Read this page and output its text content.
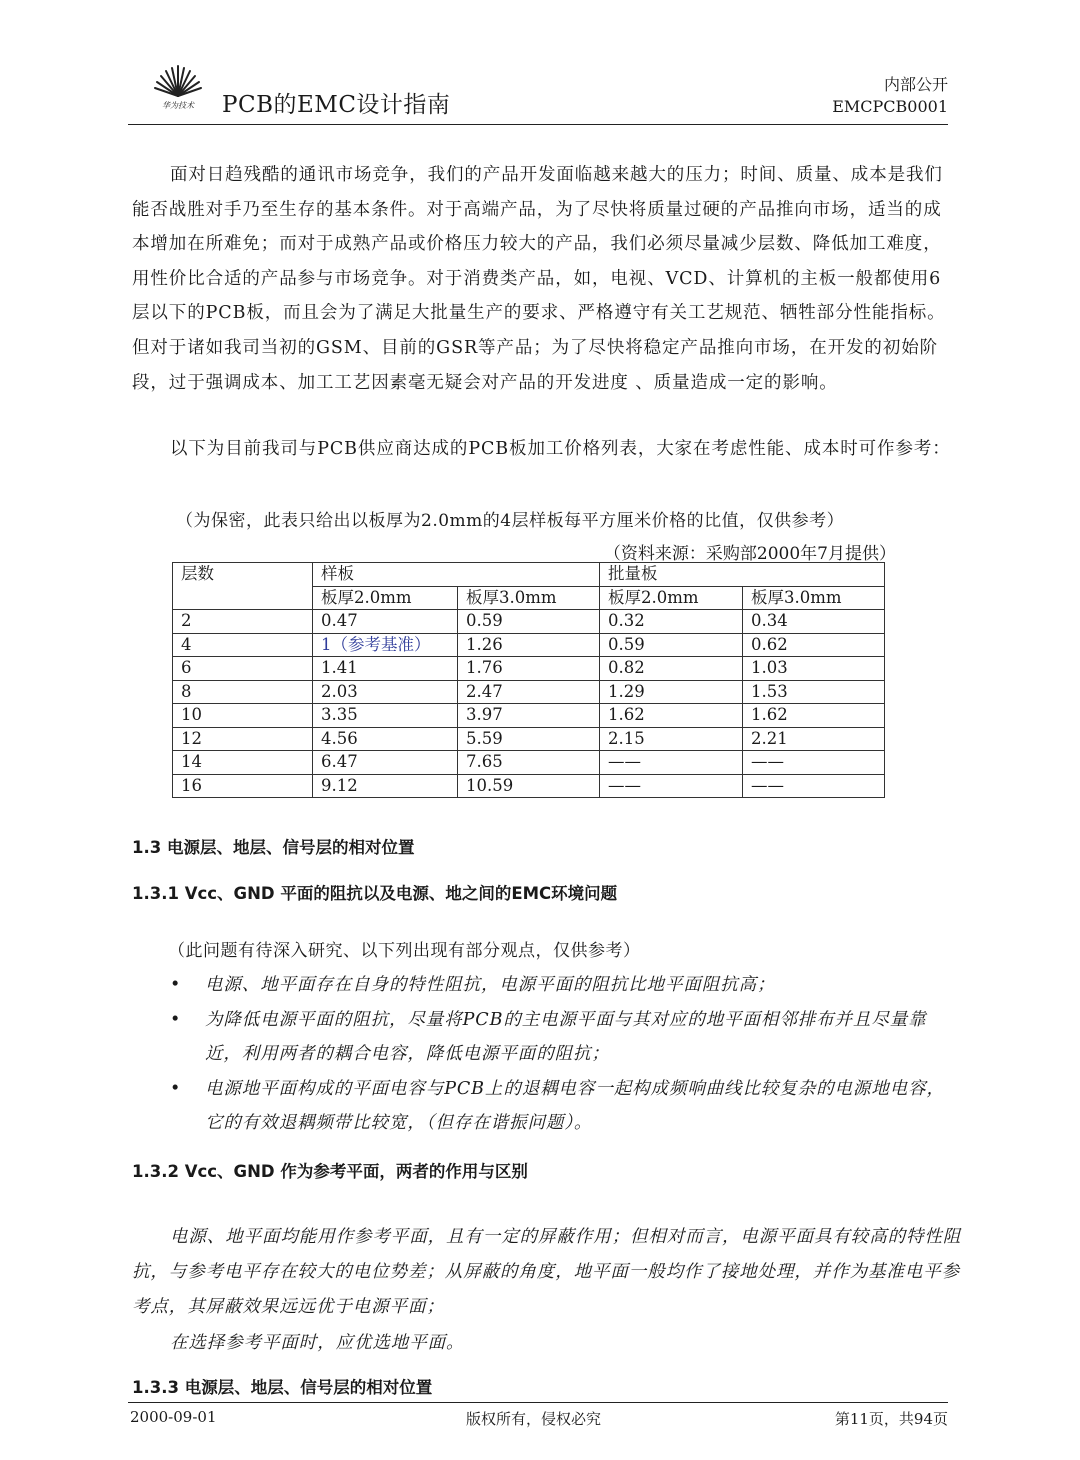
华为技术 PCB的EMC设计指南
内部公开
EMCPCB0001
面对日趋残酷的通讯市场竞争，我们的产品开发面临越来越大的压力；时间、质量、成本是我们能否战胜对手乃至生存的基本条件。对于高端产品，为了尽快将质量过硬的产品推向市场，适当的成本增加在所难免；而对于成熟产品或价格压力较大的产品，我们必须尽量减少层数、降低加工难度，用性价比合适的产品参与市场竞争。对于消费类产品，如，电视、VCD、计算机的主板一般都使用6层以下的PCB板，而且会为了满足大批量生产的要求、严格遵守有关工艺规范、牺牲部分性能指标。但对于诸如我司当初的GSM、目前的GSR等产品；为了尽快将稳定产品推向市场，在开发的初始阶段，过于强调成本、加工工艺因素毫无疑会对产品的开发进度 、质量造成一定的影响。
以下为目前我司与PCB供应商达成的PCB板加工价格列表，大家在考虑性能、成本时可作参考：
（为保密，此表只给出以板厚为2.0mm的4层样板每平方厘米价格的比值，仅供参考）
（资料来源：采购部2000年7月提供）
层数	样板		批量板	
	板厚2.0mm	板厚3.0mm	板厚2.0mm	板厚3.0mm
2	0.47	0.59	0.32	0.34
4	1（参考基准）	1.26	0.59	0.62
6	1.41	1.76	0.82	1.03
8	2.03	2.47	1.29	1.53
10	3.35	3.97	1.62	1.62
12	4.56	5.59	2.15	2.21
14	6.47	7.65	——	——
16	9.12	10.59	——	——
1.3 电源层、地层、信号层的相对位置
1.3.1 Vcc、GND 平面的阻抗以及电源、地之间的EMC环境问题
（此问题有待深入研究、以下列出现有部分观点，仅供参考）
• 电源、地平面存在自身的特性阻抗，电源平面的阻抗比地平面阻抗高；
• 为降低电源平面的阻抗，尽量将PCB的主电源平面与其对应的地平面相邻排布并且尽量靠近，利用两者的耦合电容，降低电源平面的阻抗；
• 电源地平面构成的平面电容与PCB上的退耦电容一起构成频响曲线比较复杂的电源地电容，它的有效退耦频带比较宽，（但存在谐振问题）。
1.3.2 Vcc、GND 作为参考平面，两者的作用与区别
电源、地平面均能用作参考平面，且有一定的屏蔽作用；但相对而言，电源平面具有较高的特性阻抗，与参考电平存在较大的电位势差；从屏蔽的角度，地平面一般均作了接地处理，并作为基准电平参考点，其屏蔽效果远远优于电源平面；
在选择参考平面时，应优选地平面。
1.3.3 电源层、地层、信号层的相对位置
2000-09-01	版权所有，侵权必究	第11页，共94页
